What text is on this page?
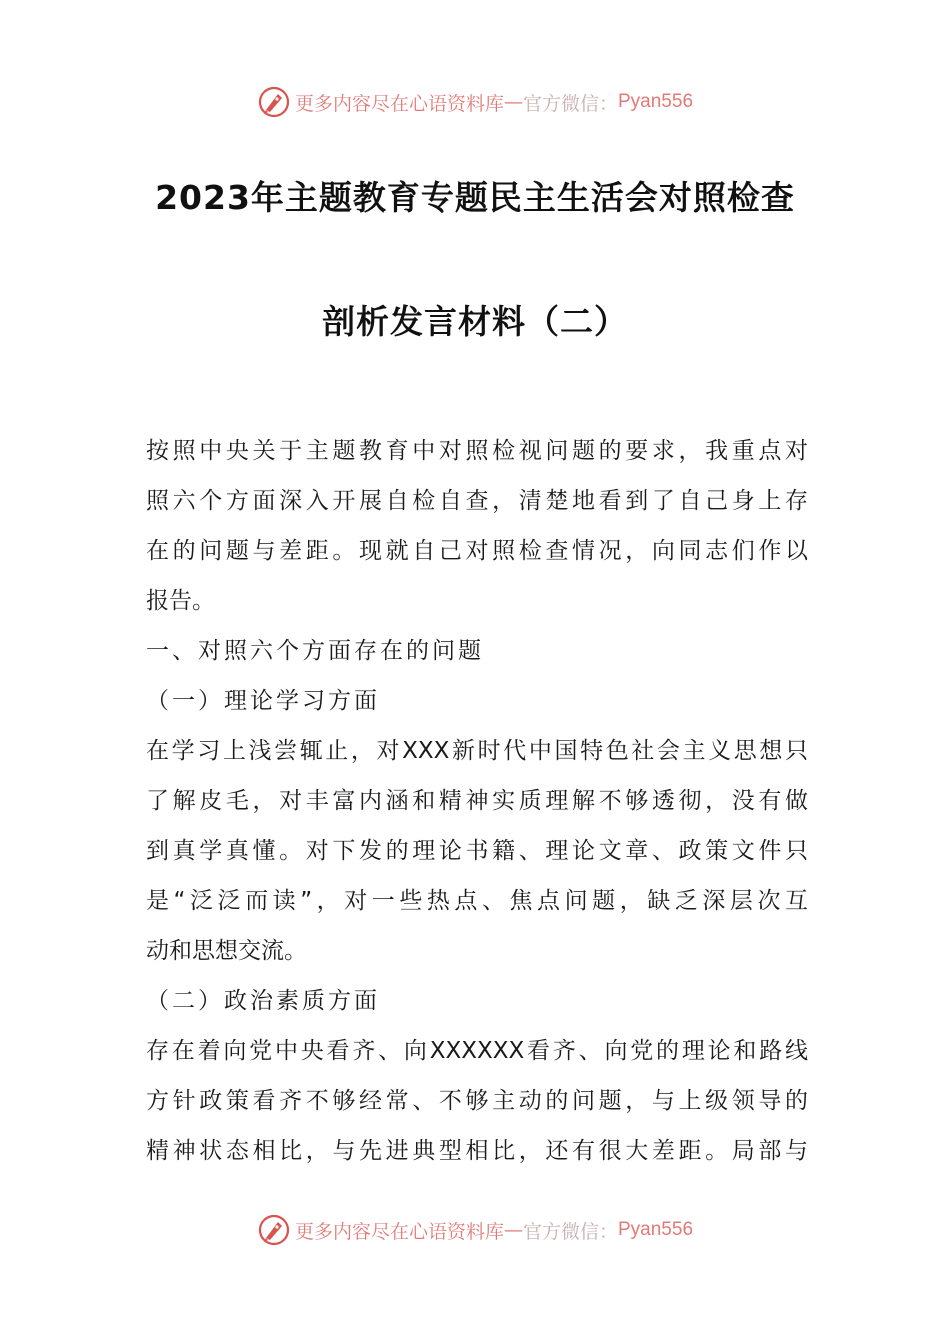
更多内容尽在心语资料库 — 官方微信： Pyan556
2023年主题教育专题民主生活会对照检查
剖析发言材料（二）
按照中央关于主题教育中对照检视问题的要求，我重点对
照六个方面深入开展自检自查，清楚地看到了自己身上存
在的问题与差距。现就自己对照检查情况，向同志们作以
报告。
一、对照六个方面存在的问题
（一）理论学习方面
在学习上浅尝辄止，对XXX新时代中国特色社会主义思想只
了解皮毛，对丰富内涵和精神实质理解不够透彻，没有做
到真学真懂。对下发的理论书籍、理论文章、政策文件只
是“泛泛而读”，对一些热点、焦点问题，缺乏深层次互
动和思想交流。
（二）政治素质方面
存在着向党中央看齐、向XXXXXX看齐、向党的理论和路线
方针政策看齐不够经常、不够主动的问题，与上级领导的
精神状态相比，与先进典型相比，还有很大差距。局部与
更多内容尽在心语资料库 — 官方微信： Pyan556
